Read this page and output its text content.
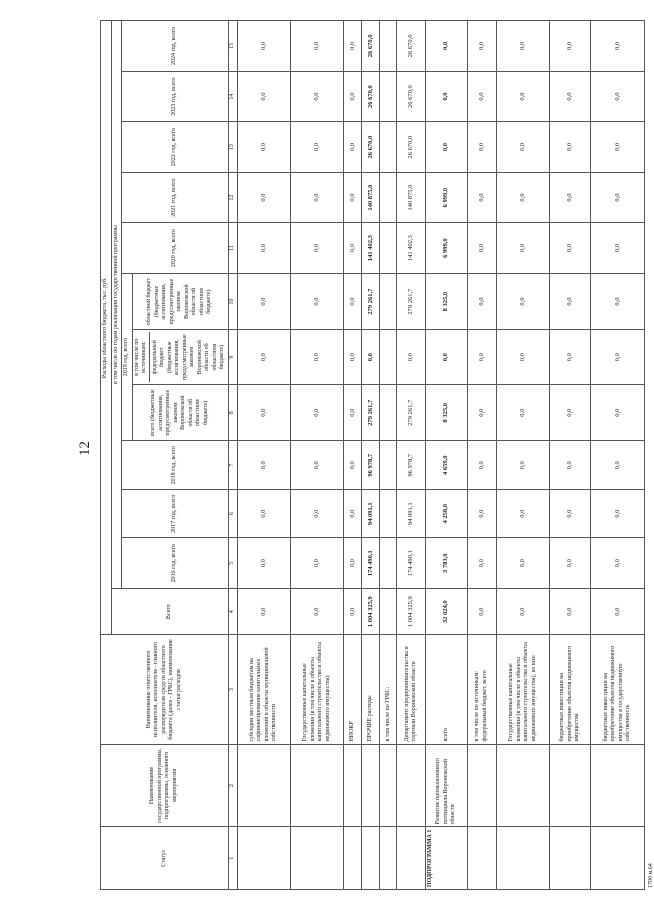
12
Статус	Наименование государственной программы, подпрограммы, основного мероприятия	Наименование ответственного исполнителя, исполнителя - главного распорядителя средств областного бюджета (далее - ГРБС), наименование статьи расходов	Расходы областного бюджета, тыс. руб.											
			Всего	в том числе по годам реализации государственной программы										
				2016 год, всего	2017 год, всего	2018 год, всего	2019 год, всего			2020 год, всего	2021 год, всего	2022 год, всего	2023 год, всего	2024 год, всего
							всего (бюджетные ассигнования, предусмотренные законом Воронежской области об областном бюджете)	в том числе по источникам: федеральный бюджет (бюджетные ассигнования, предусмотренные законом Воронежской области об областном бюджете)	областной бюджет (бюджетные ассигнования, предусмотренные законом Воронежской области об областном бюджете)					
1	2	3	4	5	6	7	8	9	10	11	12	13	14	15
		субсидии местным бюджетам на софинансирование капитальных вложений в объекты муниципальной собственности	0,0	0,0	0,0	0,0	0,0	0,0	0,0	0,0	0,0	0,0	0,0	0,0
		Государственные капитальные вложения (в том числе в объекты капитального строительства и объекты недвижимого имущества)	0,0	0,0	0,0	0,0	0,0	0,0	0,0	0,0	0,0	0,0	0,0	0,0
		НИОКР	0,0	0,0	0,0	0,0	0,0	0,0	0,0	0,0	0,0	0,0	0,0	0,0
		ПРОЧИЕ расходы	1 004 325,9	174 490,1	94 091,1	96 978,7	279 261,7	0,0	279 261,7	141 402,3	140 875,0	26 670,0	26 670,0	26 670,0
		в том числе по ГРБС:												
		Департамент предпринимательства и торговли Воронежской области	1 004 325,9	174 490,1	94 091,1	96 978,7	279 261,7	0,0	279 261,7	141 402,3	140 875,0	26 670,0	26 670,0	26 670,0
ПОДПРОГРАММА 1	Развитие промышленного потенциала Воронежской области	всего	32 024,0	3 783,0	4 258,0	4 659,0	8 325,0	0,0	8 325,0	6 999,0	6 999,0	0,0	0,0	0,0
		в том числе по источникам: федеральный бюджет, всего	0,0	0,0	0,0	0,0	0,0	0,0	0,0	0,0	0,0	0,0	0,0	0,0
		Государственные капитальные вложения (в том числе в объекты капитального строительства и объекты недвижимого имущества), из них:	0,0	0,0	0,0	0,0	0,0	0,0	0,0	0,0	0,0	0,0	0,0	0,0
		бюджетные инвестиции на приобретение объектов недвижимого имущества	0,0	0,0	0,0	0,0	0,0	0,0	0,0	0,0	0,0	0,0	0,0	0,0
		бюджетные инвестиции на приобретение объектов недвижимого имущества в государственную собственность	0,0	0,0	0,0	0,0	0,0	0,0	0,0	0,0	0,0	0,0	0,0	0,0
1700 м.64
